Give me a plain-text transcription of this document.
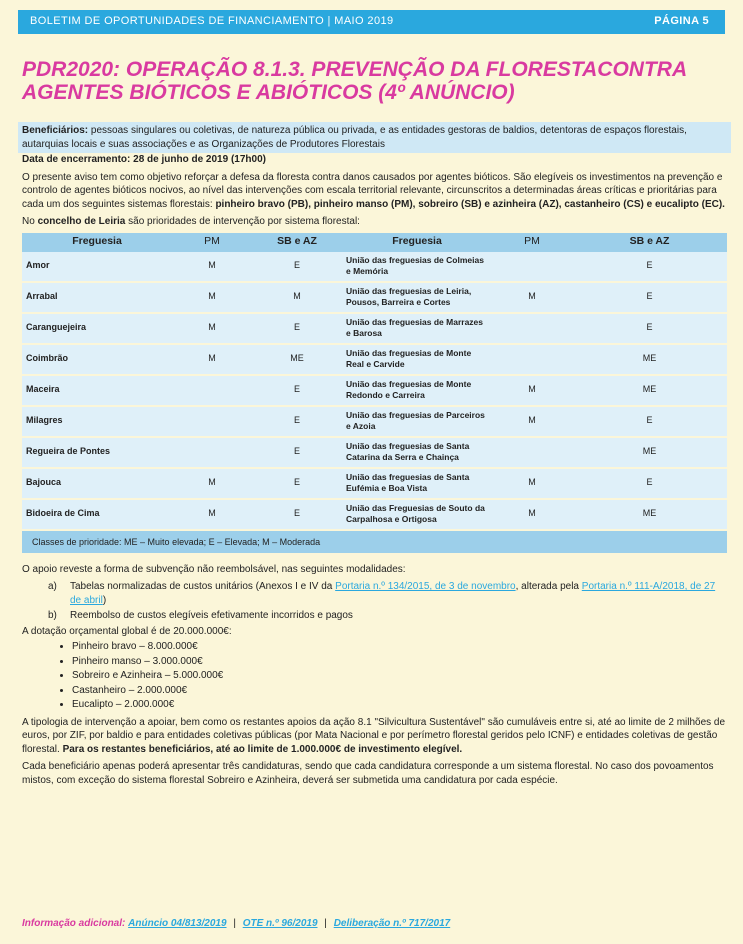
BOLETIM DE OPORTUNIDADES DE FINANCIAMENTO | MAIO 2019	PÁGINA 5
PDR2020: OPERAÇÃO 8.1.3. PREVENÇÃO DA FLORESTACONTRA AGENTES BIÓTICOS E ABIÓTICOS (4º ANÚNCIO)

Beneficiários: pessoas singulares ou coletivas, de natureza pública ou privada, e as entidades gestoras de baldios, detentoras de espaços florestais, autarquias locais e suas associações e as Organizações de Produtores Florestais

Data de encerramento: 28 de junho de 2019 (17h00)

O presente aviso tem como objetivo reforçar a defesa da floresta contra danos causados por agentes bióticos. São elegíveis os investimentos na prevenção e controlo de agentes bióticos nocivos, ao nível das intervenções com escala territorial relevante, circunscritos a determinadas áreas críticas e prioritárias para cada um dos seguintes sistemas florestais: pinheiro bravo (PB), pinheiro manso (PM), sobreiro (SB) e azinheira (AZ), castanheiro (CS) e eucalipto (EC).

No concelho de Leiria são prioridades de intervenção por sistema florestal:

Freguesia	PM	SB e AZ	Freguesia	PM	SB e AZ
Amor	M	E	União das freguesias de Colmeias e Memória		E
Arrabal	M	M	União das freguesias de Leiria, Pousos, Barreira e Cortes	M	E
Caranguejeira	M	E	União das freguesias de Marrazes e Barosa		E
Coimbrão	M	ME	União das freguesias de Monte Real e Carvide		ME
Maceira		E	União das freguesias de Monte Redondo e Carreira	M	ME
Milagres		E	União das freguesias de Parceiros e Azoia	M	E
Regueira de Pontes		E	União das freguesias de Santa Catarina da Serra e Chainça		ME
Bajouca	M	E	União das freguesias de Santa Eufémia e Boa Vista	M	E
Bidoeira de Cima	M	E	União das Freguesias de Souto da Carpalhosa e Ortigosa	M	ME
Classes de prioridade: ME – Muito elevada; E – Elevada; M – Moderada

O apoio reveste a forma de subvenção não reembolsável, nas seguintes modalidades:

a) Tabelas normalizadas de custos unitários (Anexos I e IV da Portaria n.º 134/2015, de 3 de novembro, alterada pela Portaria n.º 111-A/2018, de 27 de abril)
b) Reembolso de custos elegíveis efetivamente incorridos e pagos

A dotação orçamental global é de 20.000.000€:

• Pinheiro bravo – 8.000.000€
• Pinheiro manso – 3.000.000€
• Sobreiro e Azinheira – 5.000.000€
• Castanheiro – 2.000.000€
• Eucalipto – 2.000.000€

A tipologia de intervenção a apoiar, bem como os restantes apoios da ação 8.1 "Silvicultura Sustentável" são cumuláveis entre si, até ao limite de 2 milhões de euros, por ZIF, por baldio e para entidades coletivas públicas (por Mata Nacional e por perímetro florestal geridos pelo ICNF) e entidades coletivas de gestão florestal. Para os restantes beneficiários, até ao limite de 1.000.000€ de investimento elegível.

Cada beneficiário apenas poderá apresentar três candidaturas, sendo que cada candidatura corresponde a um sistema florestal. No caso dos povoamentos mistos, com exceção do sistema florestal Sobreiro e Azinheira, deverá ser submetida uma candidatura por cada espécie.

Informação adicional: Anúncio 04/813/2019 | OTE n.º 96/2019 | Deliberação n.º 717/2017
